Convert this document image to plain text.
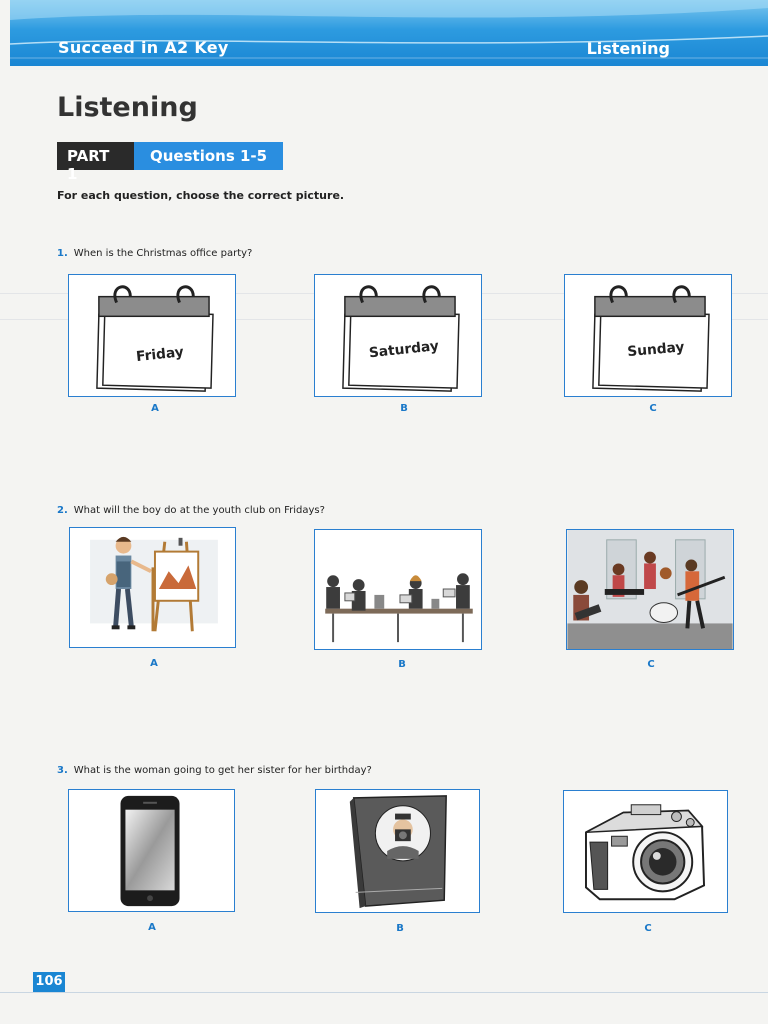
Succeed in A2 Key	Listening
Listening
PART 1
Questions 1-5
For each question, choose the correct picture.
1. When is the Christmas office party?
Friday
A
Saturday
B
Sunday
C
2. What will the boy do at the youth club on Fridays?
A	B	C
3. What is the woman going to get her sister for her birthday?
A	B	C
106
